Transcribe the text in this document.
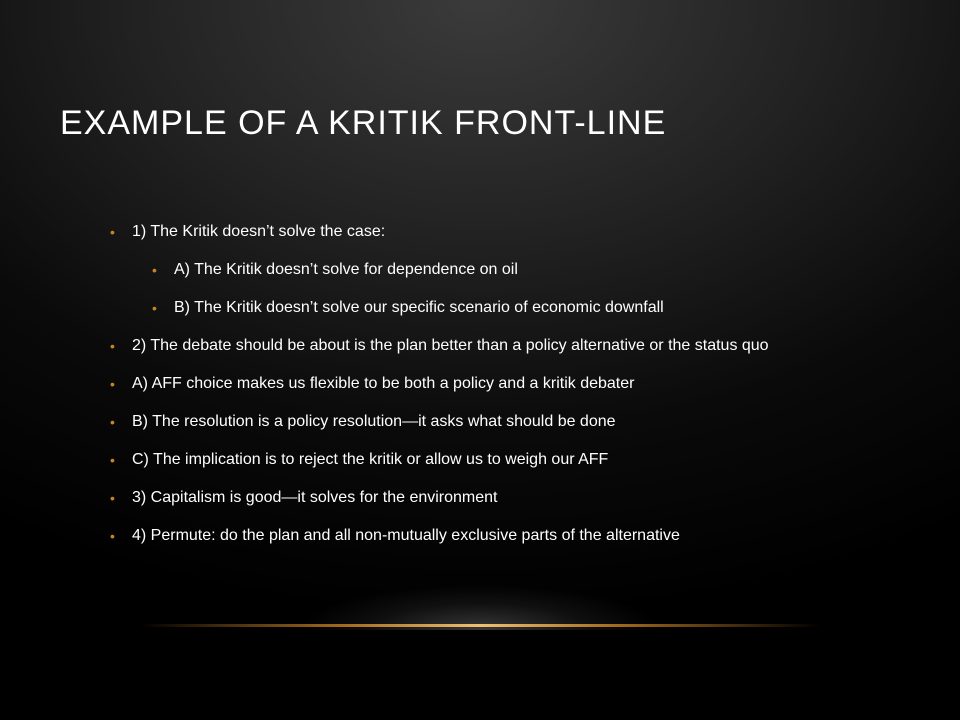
EXAMPLE OF A KRITIK FRONT-LINE
• 1) The Kritik doesn’t solve the case:
• A) The Kritik doesn’t solve for dependence on oil
• B) The Kritik doesn’t solve our specific scenario of economic downfall
• 2) The debate should be about is the plan better than a policy alternative or the status quo
• A) AFF choice makes us flexible to be both a policy and a kritik debater
• B) The resolution is a policy resolution—it asks what should be done
• C) The implication is to reject the kritik or allow us to weigh our AFF
• 3) Capitalism is good—it solves for the environment
• 4) Permute: do the plan and all non-mutually exclusive parts of the alternative
